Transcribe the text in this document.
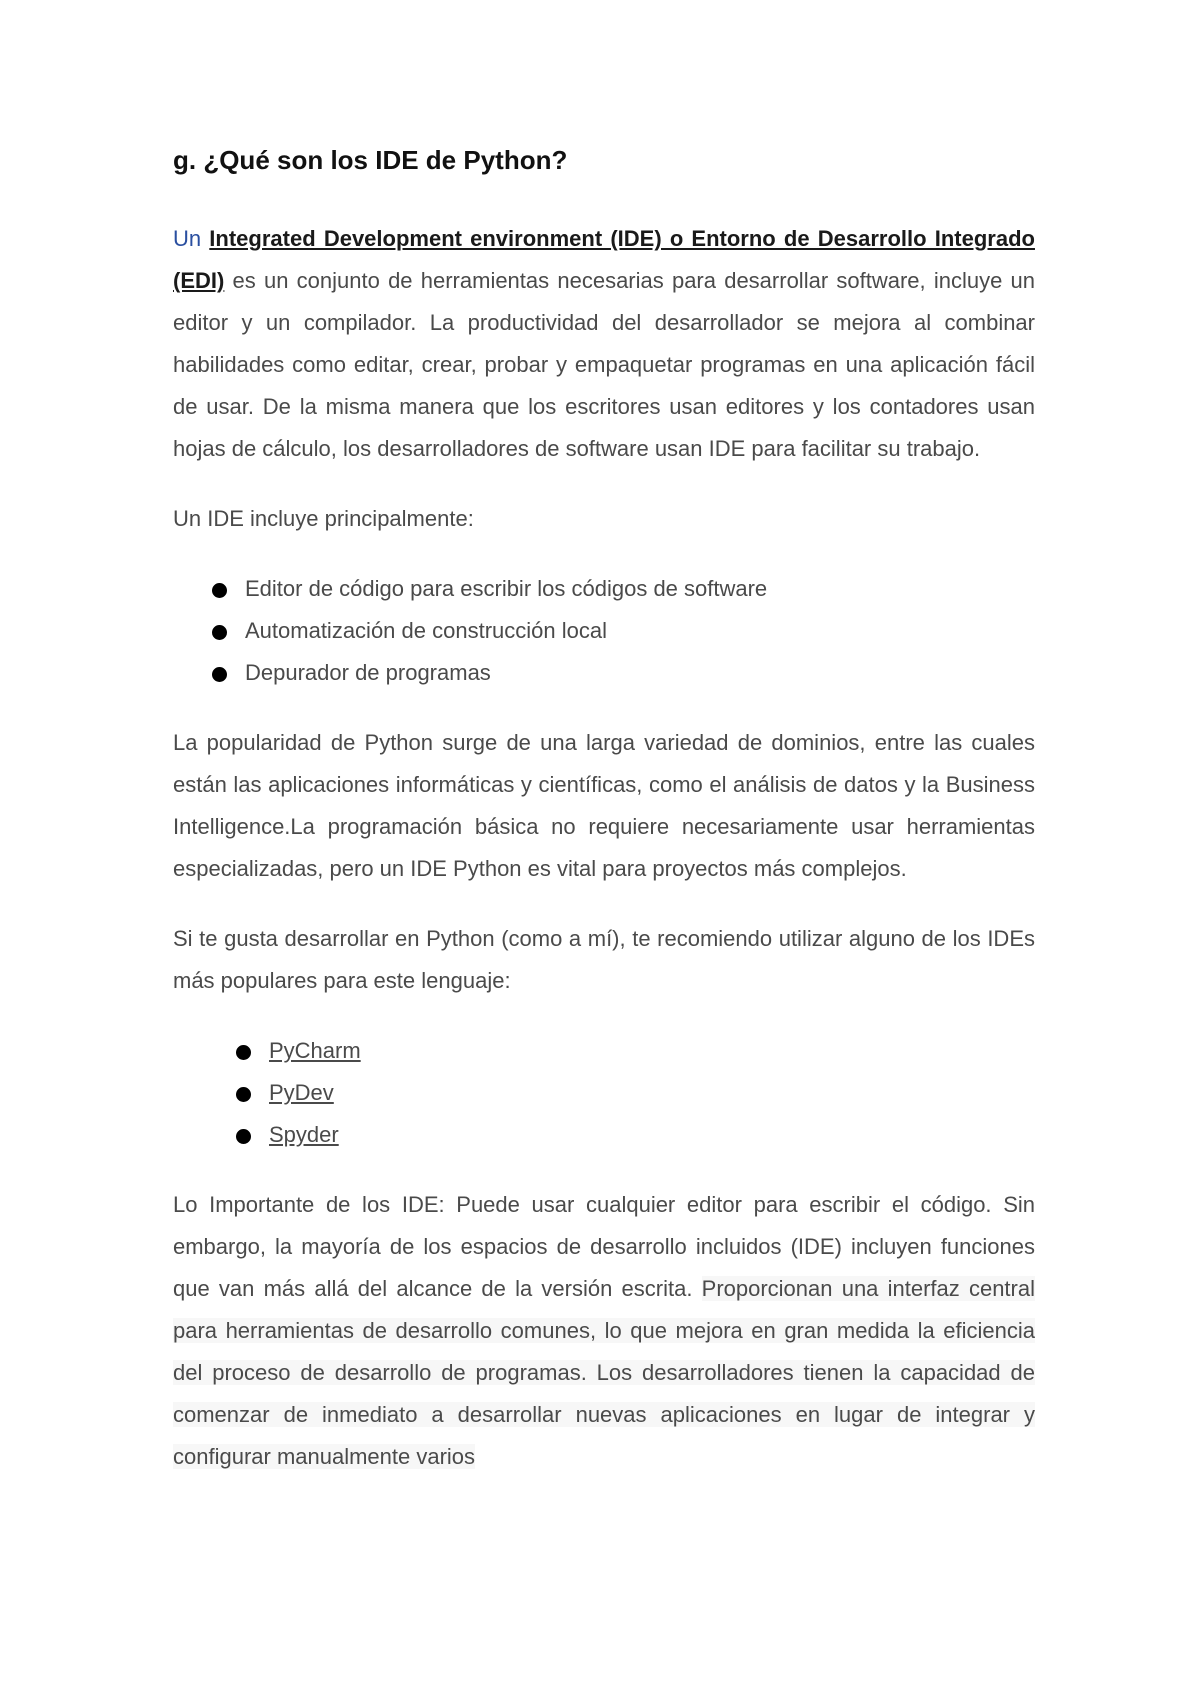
g. ¿Qué son los IDE de Python?

Un Integrated Development environment (IDE) o Entorno de Desarrollo Integrado (EDI) es un conjunto de herramientas necesarias para desarrollar software, incluye un editor y un compilador. La productividad del desarrollador se mejora al combinar habilidades como editar, crear, probar y empaquetar programas en una aplicación fácil de usar. De la misma manera que los escritores usan editores y los contadores usan hojas de cálculo, los desarrolladores de software usan IDE para facilitar su trabajo.

Un IDE incluye principalmente:

Editor de código para escribir los códigos de software
Automatización de construcción local
Depurador de programas

La popularidad de Python surge de una larga variedad de dominios, entre las cuales están las aplicaciones informáticas y científicas, como el análisis de datos y la Business Intelligence.La programación básica no requiere necesariamente usar herramientas especializadas, pero un IDE Python es vital para proyectos más complejos.

Si te gusta desarrollar en Python (como a mí), te recomiendo utilizar alguno de los IDEs más populares para este lenguaje:

PyCharm
PyDev
Spyder

Lo Importante de los IDE: Puede usar cualquier editor para escribir el código. Sin embargo, la mayoría de los espacios de desarrollo incluidos (IDE) incluyen funciones que van más allá del alcance de la versión escrita. Proporcionan una interfaz central para herramientas de desarrollo comunes, lo que mejora en gran medida la eficiencia del proceso de desarrollo de programas. Los desarrolladores tienen la capacidad de comenzar de inmediato a desarrollar nuevas aplicaciones en lugar de integrar y configurar manualmente varios
